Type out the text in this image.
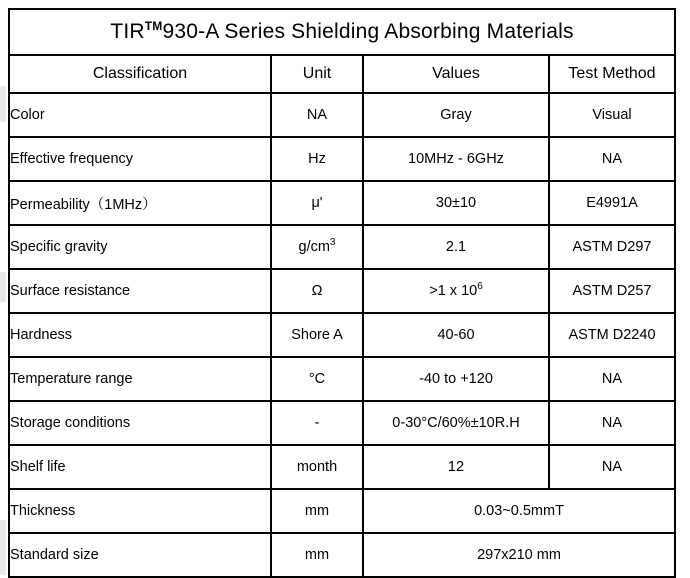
TIR™930-A Series Shielding Absorbing Materials			
Classification	Unit	Values	Test Method
Color	NA	Gray	Visual
Effective frequency	Hz	10MHz - 6GHz	NA
Permeability（1MHz）	μ'	30±10	E4991A
Specific gravity	$g/cm^3$	2.1	ASTM D297
Surface resistance	Ω	>1 x $10^6$	ASTM D257
Hardness	Shore A	40-60	ASTM D2240
Temperature range	°C	-40 to +120	NA
Storage conditions	-	0-30°C/60%±10R.H	NA
Shelf life	month	12	NA
Thickness	mm	0.03~0.5mmT	
Standard size	mm	297x210 mm	
